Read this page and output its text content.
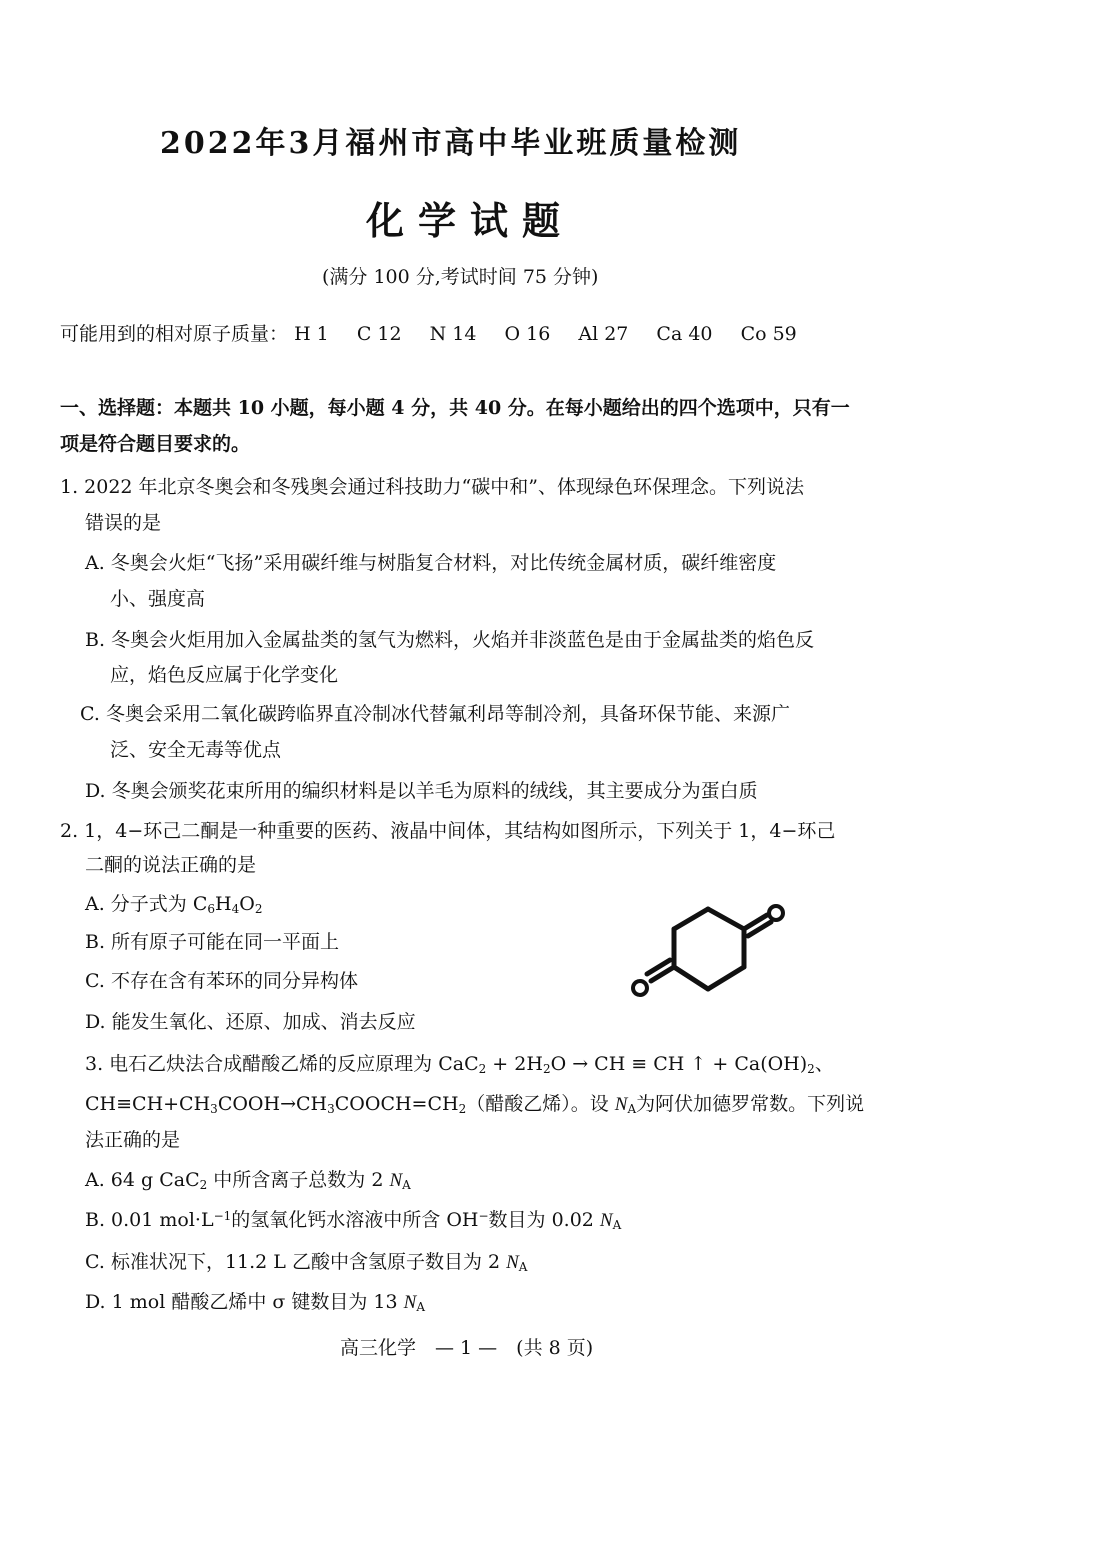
2022年3月福州市高中毕业班质量检测
化学试题
(满分 100 分,考试时间 75 分钟)
可能用到的相对原子质量： H 1 C 12 N 14 O 16 Al 27 Ca 40 Co 59
一、选择题：本题共 10 小题，每小题 4 分，共 40 分。在每小题给出的四个选项中，只有一
项是符合题目要求的。
1. 2022 年北京冬奥会和冬残奥会通过科技助力“碳中和”、体现绿色环保理念。下列说法
错误的是
A. 冬奥会火炬“飞扬”采用碳纤维与树脂复合材料，对比传统金属材质，碳纤维密度
小、强度高
B. 冬奥会火炬用加入金属盐类的氢气为燃料，火焰并非淡蓝色是由于金属盐类的焰色反
应，焰色反应属于化学变化
C. 冬奥会采用二氧化碳跨临界直冷制冰代替氟利昂等制冷剂，具备环保节能、来源广
泛、安全无毒等优点
D. 冬奥会颁奖花束所用的编织材料是以羊毛为原料的绒线，其主要成分为蛋白质
2. 1，4−环己二酮是一种重要的医药、液晶中间体，其结构如图所示，下列关于 1，4−环己
二酮的说法正确的是
A. 分子式为 $C_6H_4O_2$
B. 所有原子可能在同一平面上
C. 不存在含有苯环的同分异构体
D. 能发生氧化、还原、加成、消去反应
3. 电石乙炔法合成醋酸乙烯的反应原理为 $CaC_2 + 2H_2O$ → CH ≡ CH ↑ + $Ca(OH)_2$、
$CH\equiv CH+CH_3COOH\to CH_3COOCH=CH_2$（醋酸乙烯）。设 $N_A$为阿伏加德罗常数。下列说
法正确的是
A. 64 g CaC$_2$ 中所含离子总数为 2 $N_A$
B. 0.01 $mol\cdot L^{-1}$的氢氧化钙水溶液中所含 OH−数目为 0.02 $N_A$
C. 标准状况下，11.2 L 乙酸中含氢原子数目为 2 $N_A$
D. 1 mol 醋酸乙烯中 σ 键数目为 13 $N_A$
高三化学　— 1 —　(共 8 页)
